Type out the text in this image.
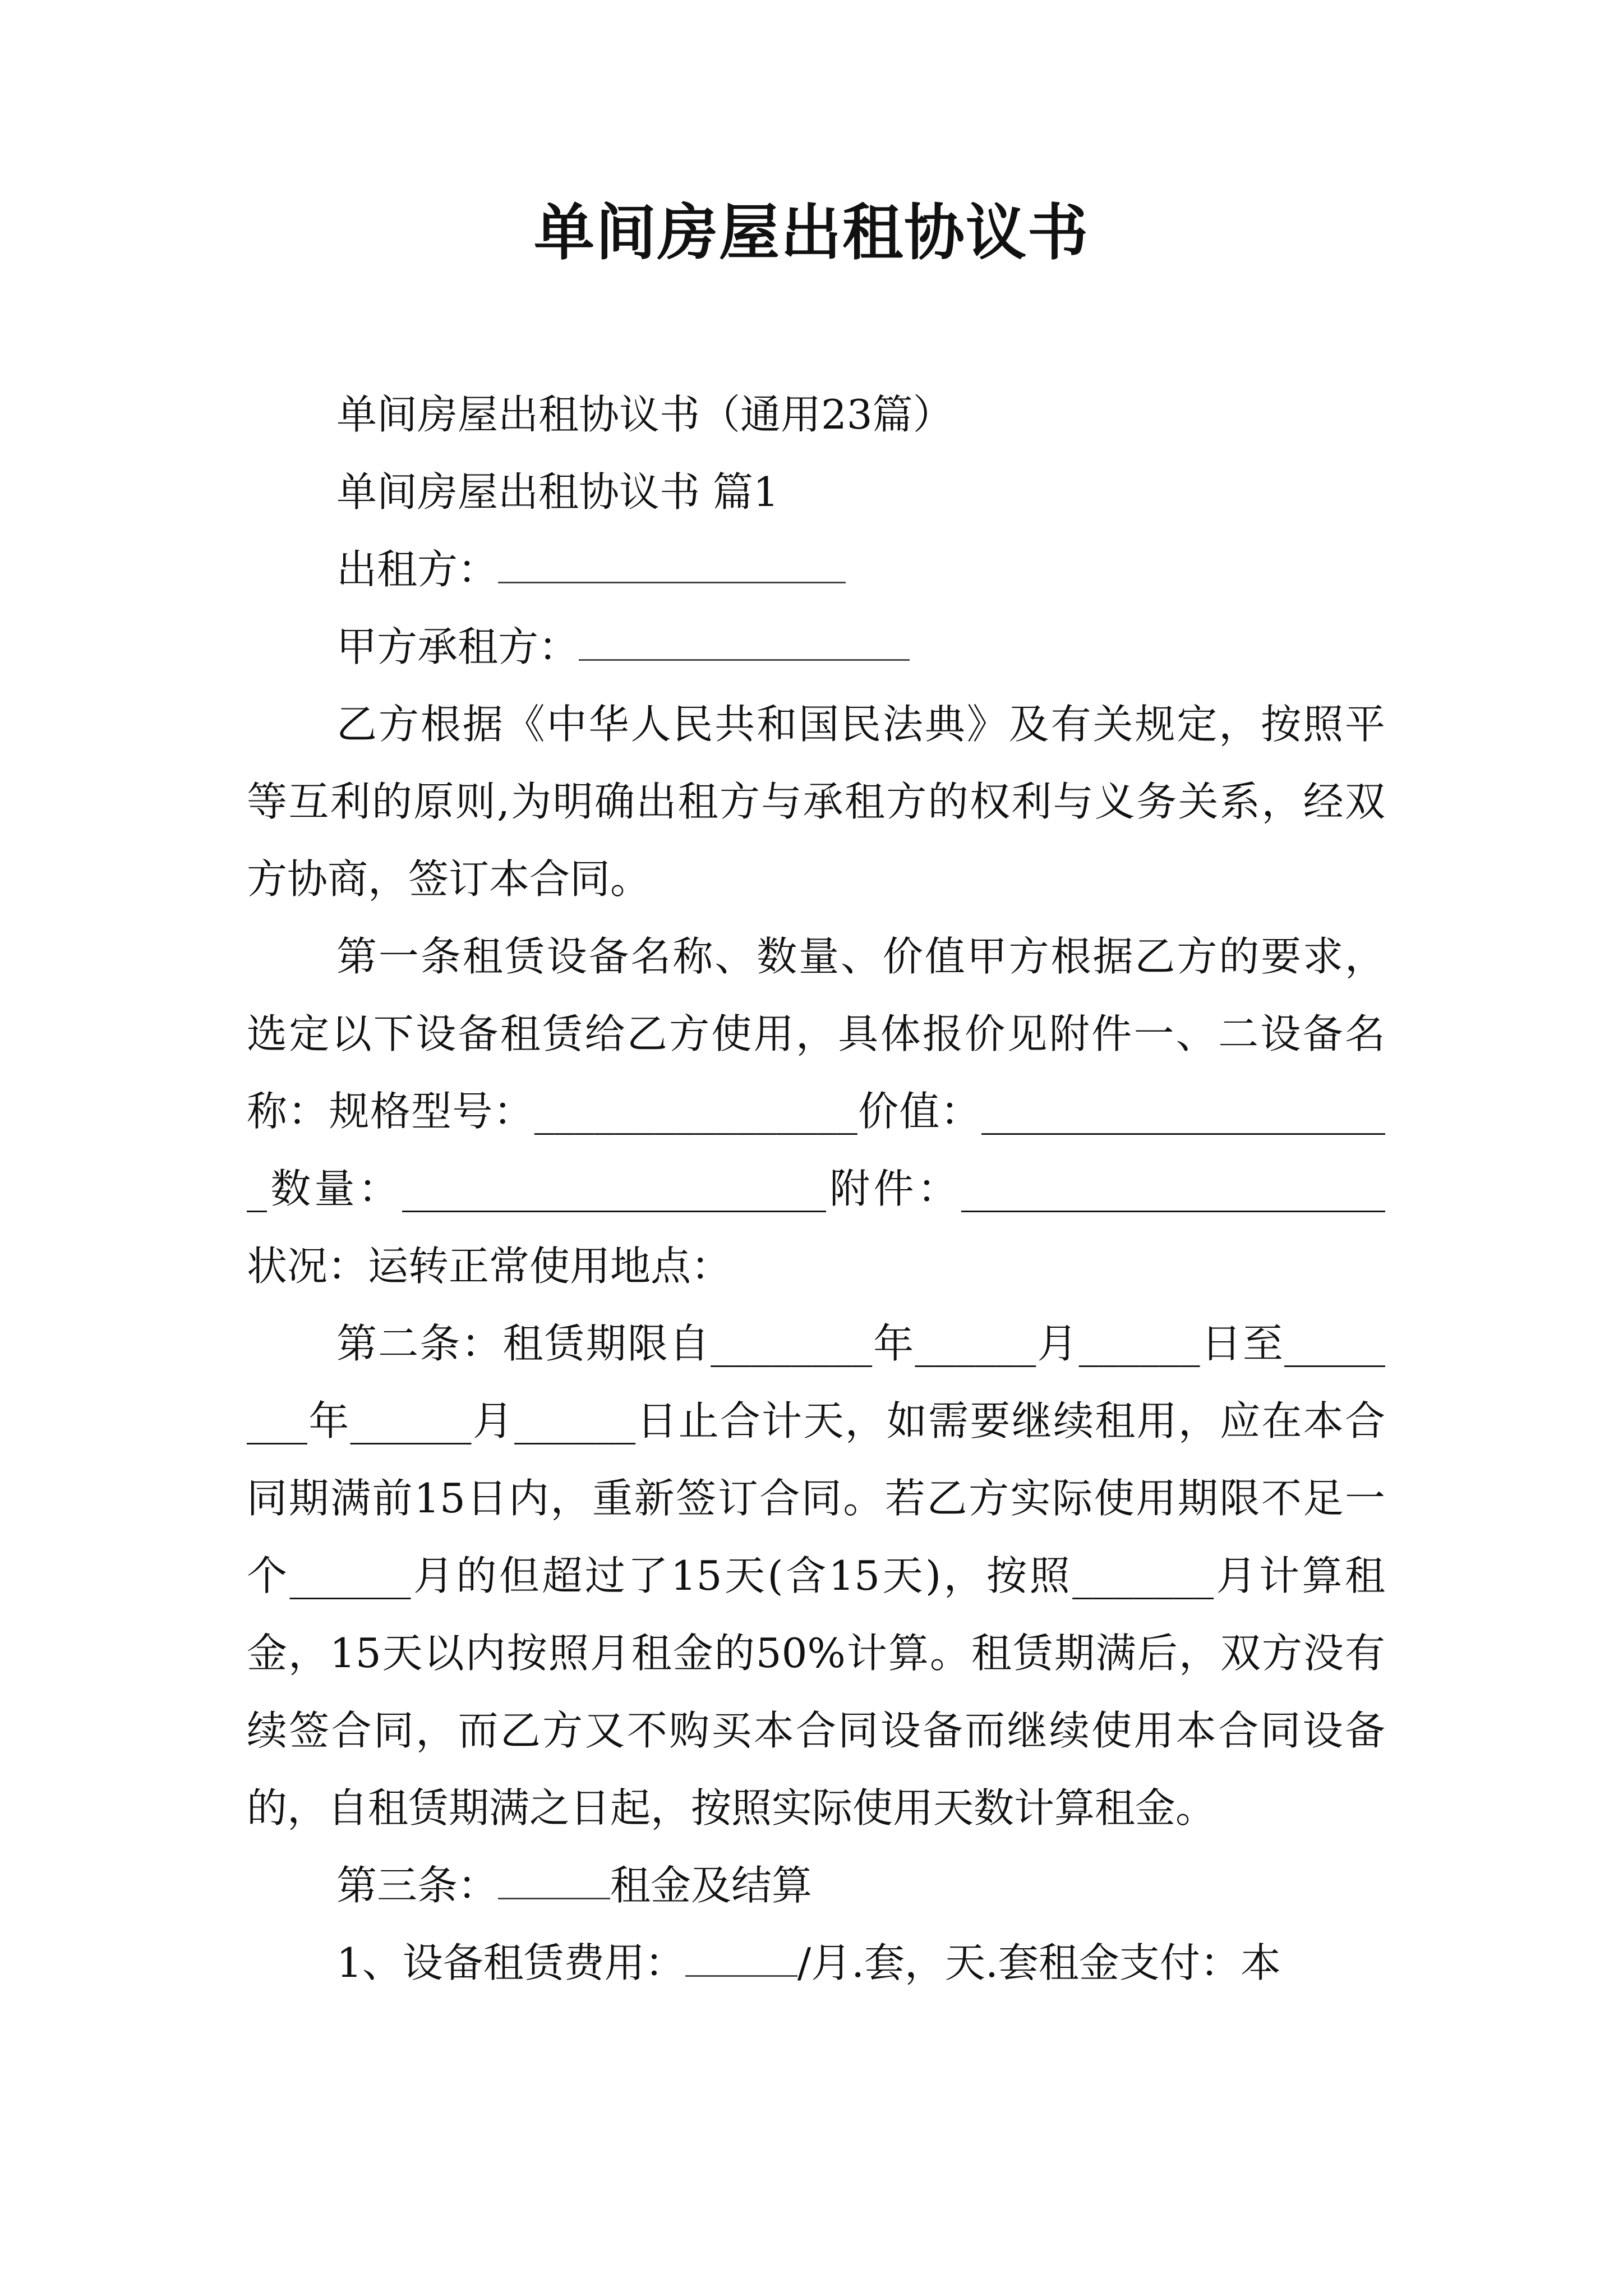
单间房屋出租协议书

单间房屋出租协议书（通用23篇）

单间房屋出租协议书 篇1

出租方：

甲方承租方：

乙方根据《中华人民共和国民法典》及有关规定，按照平等互利的原则,为明确出租方与承租方的权利与义务关系，经双方协商，签订本合同。

第一条租赁设备名称、数量、价值甲方根据乙方的要求，选定以下设备租赁给乙方使用，具体报价见附件一、二设备名称：规格型号：________________价值：_____________________数量：_____________________附件：_____________________状况：运转正常使用地点：

第二条：租赁期限自________年______月______日至________年______月______日止合计天，如需要继续租用，应在本合同期满前15日内，重新签订合同。若乙方实际使用期限不足一个______月的但超过了15天(含15天)，按照_______月计算租金，15天以内按照月租金的50%计算。租赁期满后，双方没有续签合同，而乙方又不购买本合同设备而继续使用本合同设备的，自租赁期满之日起，按照实际使用天数计算租金。

第三条：	租金及结算

1、设备租赁费用：	/月.套，天.套租金支付：本
